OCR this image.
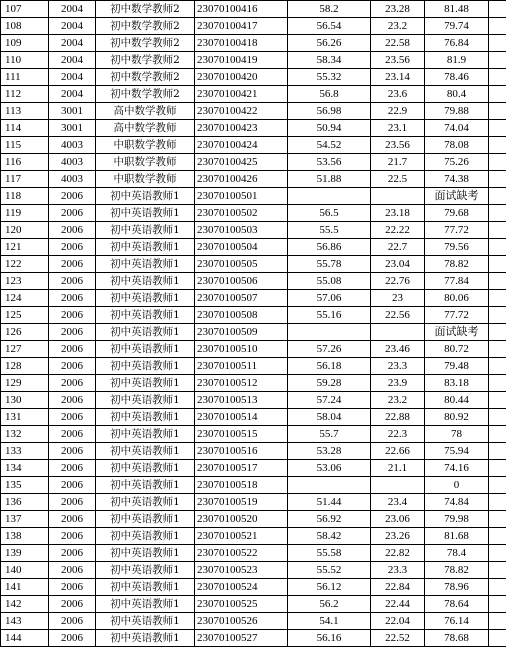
107	2004	初中数学教师2	23070100416	58.2	23.28	81.48	
108	2004	初中数学教师2	23070100417	56.54	23.2	79.74	
109	2004	初中数学教师2	23070100418	56.26	22.58	76.84	
110	2004	初中数学教师2	23070100419	58.34	23.56	81.9	
111	2004	初中数学教师2	23070100420	55.32	23.14	78.46	
112	2004	初中数学教师2	23070100421	56.8	23.6	80.4	
113	3001	高中数学教师	23070100422	56.98	22.9	79.88	
114	3001	高中数学教师	23070100423	50.94	23.1	74.04	
115	4003	中职数学教师	23070100424	54.52	23.56	78.08	
116	4003	中职数学教师	23070100425	53.56	21.7	75.26	
117	4003	中职数学教师	23070100426	51.88	22.5	74.38	
118	2006	初中英语教师1	23070100501			面试缺考	
119	2006	初中英语教师1	23070100502	56.5	23.18	79.68	
120	2006	初中英语教师1	23070100503	55.5	22.22	77.72	
121	2006	初中英语教师1	23070100504	56.86	22.7	79.56	
122	2006	初中英语教师1	23070100505	55.78	23.04	78.82	
123	2006	初中英语教师1	23070100506	55.08	22.76	77.84	
124	2006	初中英语教师1	23070100507	57.06	23	80.06	
125	2006	初中英语教师1	23070100508	55.16	22.56	77.72	
126	2006	初中英语教师1	23070100509			面试缺考	
127	2006	初中英语教师1	23070100510	57.26	23.46	80.72	
128	2006	初中英语教师1	23070100511	56.18	23.3	79.48	
129	2006	初中英语教师1	23070100512	59.28	23.9	83.18	
130	2006	初中英语教师1	23070100513	57.24	23.2	80.44	
131	2006	初中英语教师1	23070100514	58.04	22.88	80.92	
132	2006	初中英语教师1	23070100515	55.7	22.3	78	
133	2006	初中英语教师1	23070100516	53.28	22.66	75.94	
134	2006	初中英语教师1	23070100517	53.06	21.1	74.16	
135	2006	初中英语教师1	23070100518			0	
136	2006	初中英语教师1	23070100519	51.44	23.4	74.84	
137	2006	初中英语教师1	23070100520	56.92	23.06	79.98	
138	2006	初中英语教师1	23070100521	58.42	23.26	81.68	
139	2006	初中英语教师1	23070100522	55.58	22.82	78.4	
140	2006	初中英语教师1	23070100523	55.52	23.3	78.82	
141	2006	初中英语教师1	23070100524	56.12	22.84	78.96	
142	2006	初中英语教师1	23070100525	56.2	22.44	78.64	
143	2006	初中英语教师1	23070100526	54.1	22.04	76.14	
144	2006	初中英语教师1	23070100527	56.16	22.52	78.68	
